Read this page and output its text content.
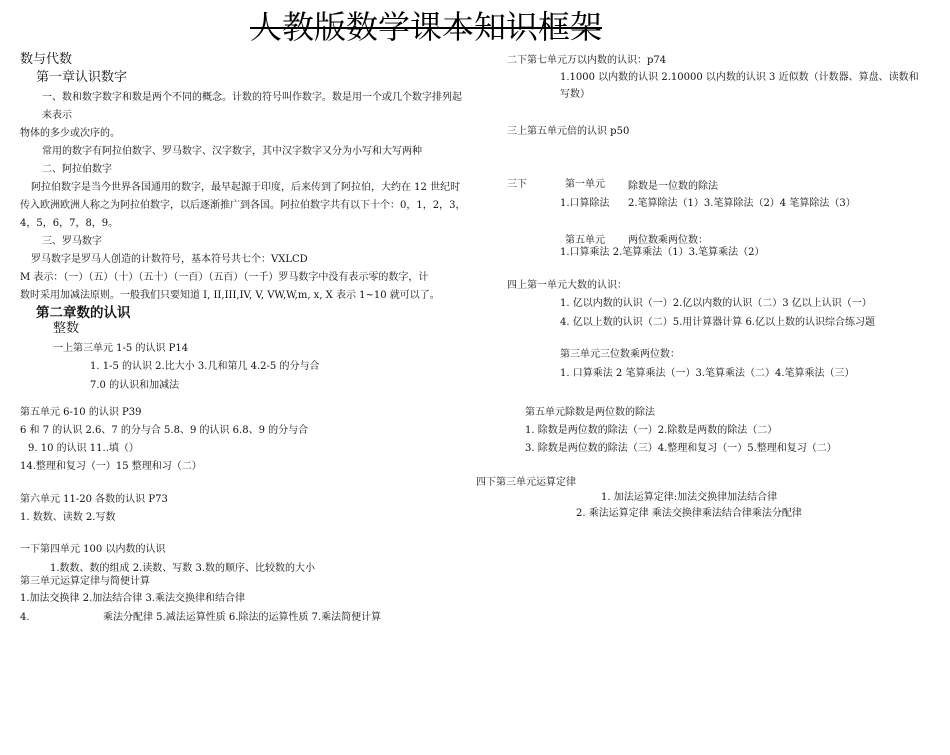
人教版数学课本知识框架
数与代数
第一章认识数字
一、数和数字数字和数是两个不同的概念。计数的符号叫作数字。数是用一个或几个数字排列起
来表示
物体的多少或次序的。
常用的数字有阿拉伯数字、罗马数字、汉字数字，其中汉字数字又分为小写和大写两种
二、阿拉伯数字
阿拉伯数字是当今世界各国通用的数字，最早起源于印度，后来传到了阿拉伯，大约在 12 世纪时
传入欧洲欧洲人称之为阿拉伯数字，以后逐渐推广到各国。阿拉伯数字共有以下十个：0，1，2，3，
4，5，6，7，8，9。
三、罗马数字
罗马数字是罗马人创造的计数符号，基本符号共七个：VXLCD
M 表示：（一）（五）（十）（五十）（一百）（五百）（一千）罗马数字中没有表示零的数字，计
数时采用加减法原则。一般我们只要知道 I, II,III,IV, V, VW,W,m, x, X 表示 1~10 就可以了。
第二章数的认识
整数
一上第三单元 1-5 的认识 P14
1. 1-5 的认识 2.比大小 3.几和第几 4.2-5 的分与合
7.0 的认识和加减法
第五单元 6-10 的认识 P39
6 和 7 的认识 2.6、7 的分与合 5.8、9 的认识 6.8、9 的分与合
9. 10 的认识 11..填（）
14.整理和复习（一）15 整理和习（二）
第六单元 11-20 各数的认识 P73
1. 数数、读数 2.写数
一下第四单元 100 以内数的认识
1.数数、数的组成 2.读数、写数 3.数的顺序、比较数的大小
第三单元运算定律与简便计算
1.加法交换律 2.加法结合律 3.乘法交换律和结合律
4.	乘法分配律 5.减法运算性质 6.除法的运算性质 7.乘法简便计算
二下第七单元万以内数的认识：p74
1.1000 以内数的认识 2.10000 以内数的认识 3 近似数（计数器、算盘、读数和
写数）
三上第五单元倍的认识 p50
三下	第一单元 除数是一位数的除法
1.口算除法 2.笔算除法（1）3.笔算除法（2）4 笔算除法（3）
第五单元 两位数乘两位数：
1.口算乘法 2.笔算乘法（1）3.笔算乘法（2）
四上第一单元大数的认识：
1. 亿以内数的认识（一）2.亿以内数的认识（二）3 亿以上认识（一）
4. 亿以上数的认识（二）5.用计算器计算 6.亿以上数的认识综合练习题
第三单元三位数乘两位数：
1. 口算乘法 2 笔算乘法（一）3.笔算乘法（二）4.笔算乘法（三）
第五单元除数是两位数的除法
1. 除数是两位数的除法（一）2.除数是两数的除法（二）
3. 除数是两位数的除法（三）4.整理和复习（一）5.整理和复习（二）
四下第三单元运算定律
1. 加法运算定律:加法交换律加法结合律
2. 乘法运算定律 乘法交换律乘法结合律乘法分配律
